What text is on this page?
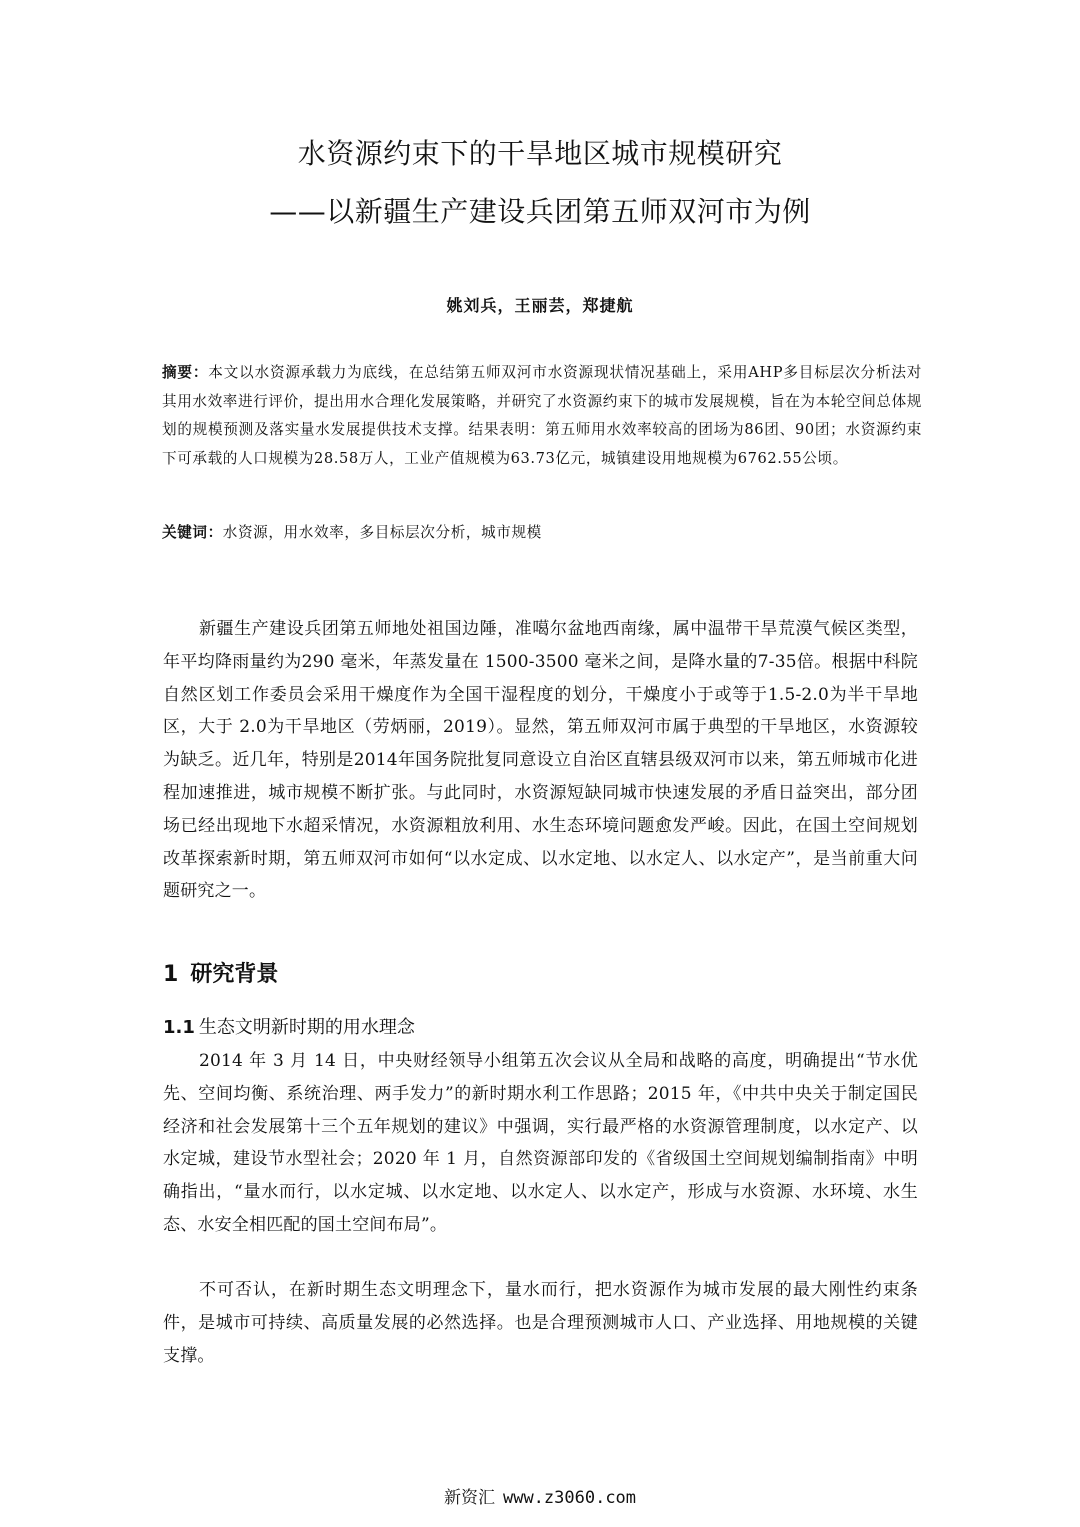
水资源约束下的干旱地区城市规模研究
——以新疆生产建设兵团第五师双河市为例
姚刘兵，王丽芸，郑捷航
摘要：本文以水资源承载力为底线，在总结第五师双河市水资源现状情况基础上，采用AHP多目标层次分析法对其用水效率进行评价，提出用水合理化发展策略，并研究了水资源约束下的城市发展规模，旨在为本轮空间总体规划的规模预测及落实量水发展提供技术支撑。结果表明：第五师用水效率较高的团场为86团、90团；水资源约束下可承载的人口规模为28.58万人，工业产值规模为63.73亿元，城镇建设用地规模为6762.55公顷。
关键词：水资源，用水效率，多目标层次分析，城市规模

新疆生产建设兵团第五师地处祖国边陲，准噶尔盆地西南缘，属中温带干旱荒漠气候区类型，年平均降雨量约为290 毫米，年蒸发量在 1500-3500 毫米之间，是降水量的7-35倍。根据中科院自然区划工作委员会采用干燥度作为全国干湿程度的划分，干燥度小于或等于1.5-2.0为半干旱地区，大于 2.0为干旱地区（劳炳丽，2019）。显然，第五师双河市属于典型的干旱地区，水资源较为缺乏。近几年，特别是2014年国务院批复同意设立自治区直辖县级双河市以来，第五师城市化进程加速推进，城市规模不断扩张。与此同时，水资源短缺同城市快速发展的矛盾日益突出，部分团场已经出现地下水超采情况，水资源粗放利用、水生态环境问题愈发严峻。因此，在国土空间规划改革探索新时期，第五师双河市如何“以水定成、以水定地、以水定人、以水定产”，是当前重大问题研究之一。

1 研究背景
1.1 生态文明新时期的用水理念

2014 年 3 月 14 日，中央财经领导小组第五次会议从全局和战略的高度，明确提出“节水优先、空间均衡、系统治理、两手发力”的新时期水利工作思路；2015 年，《中共中央关于制定国民经济和社会发展第十三个五年规划的建议》中强调，实行最严格的水资源管理制度，以水定产、以水定城，建设节水型社会；2020 年 1 月，自然资源部印发的《省级国土空间规划编制指南》中明确指出，“量水而行，以水定城、以水定地、以水定人、以水定产，形成与水资源、水环境、水生态、水安全相匹配的国土空间布局”。

不可否认，在新时期生态文明理念下，量水而行，把水资源作为城市发展的最大刚性约束条件，是城市可持续、高质量发展的必然选择。也是合理预测城市人口、产业选择、用地规模的关键支撑。

新资汇 www.z3060.com
